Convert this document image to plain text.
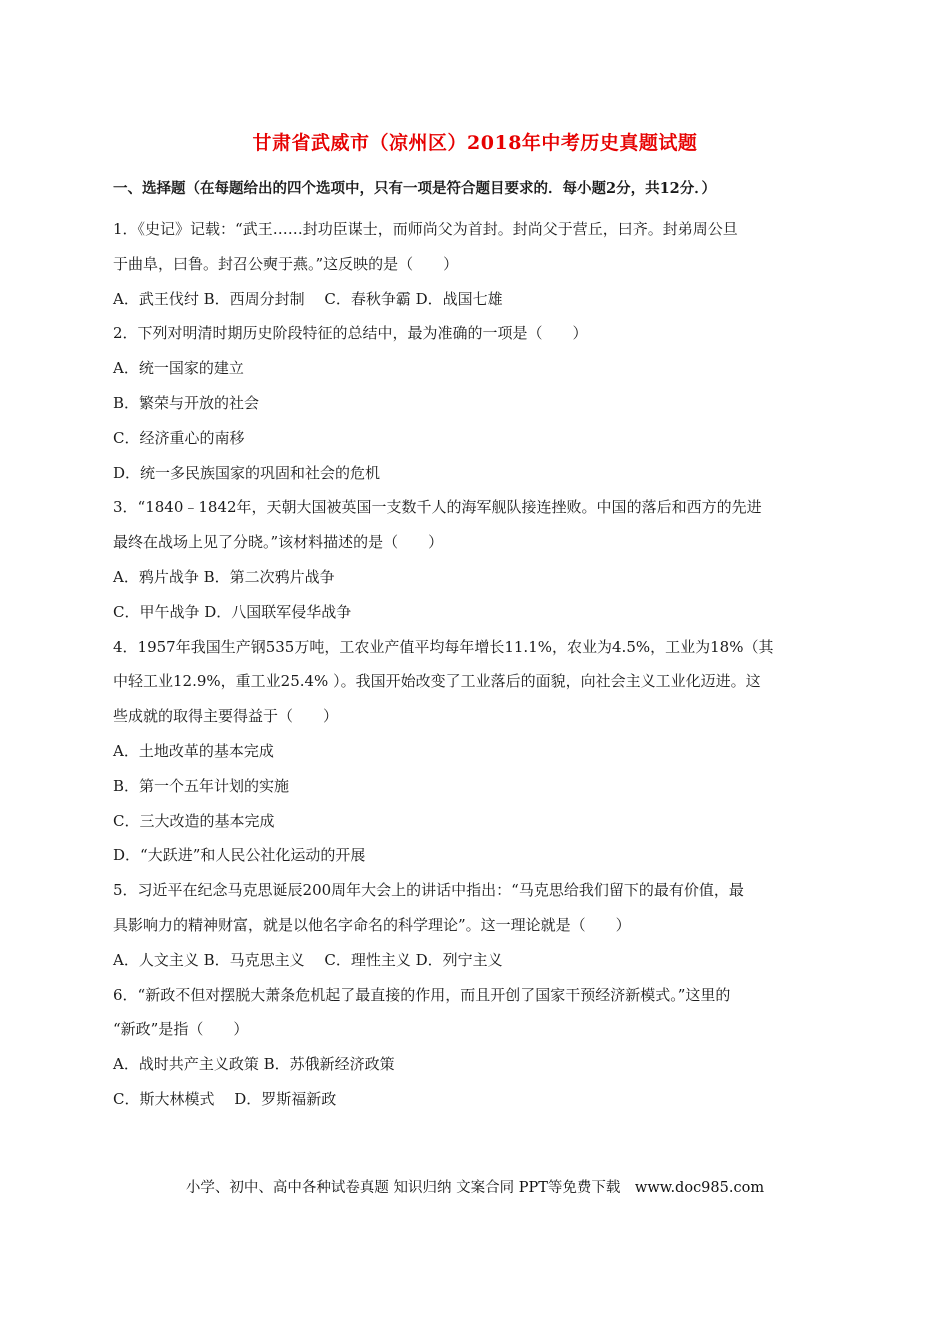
甘肃省武威市（凉州区）2018年中考历史真题试题
一、选择题（在每题给出的四个选项中，只有一项是符合题目要求的．每小题2分，共12分．）
1．《史记》记载：“武王……封功臣谋士，而师尚父为首封。封尚父于营丘，曰齐。封弟周公旦
于曲阜，曰鲁。封召公奭于燕。”这反映的是（　　）
A．武王伐纣 B．西周分封制　 C．春秋争霸 D．战国七雄
2．下列对明清时期历史阶段特征的总结中，最为准确的一项是（　　）
A．统一国家的建立
B．繁荣与开放的社会
C．经济重心的南移
D．统一多民族国家的巩固和社会的危机
3．“1840﹣1842年，天朝大国被英国一支数千人的海军舰队接连挫败。中国的落后和西方的先进
最终在战场上见了分晓。”该材料描述的是（　　）
A．鸦片战争 B．第二次鸦片战争
C．甲午战争 D．八国联军侵华战争
4．1957年我国生产钢535万吨，工农业产值平均每年增长11.1%，农业为4.5%，工业为18%（其
中轻工业12.9%，重工业25.4% ）。我国开始改变了工业落后的面貌，向社会主义工业化迈进。这
些成就的取得主要得益于（　　）
A．土地改革的基本完成
B．第一个五年计划的实施
C．三大改造的基本完成
D．“大跃进”和人民公社化运动的开展
5．习近平在纪念马克思诞辰200周年大会上的讲话中指出：“马克思给我们留下的最有价值，最
具影响力的精神财富，就是以他名字命名的科学理论”。这一理论就是（　　）
A．人文主义 B．马克思主义　 C．理性主义 D．列宁主义
6．“新政不但对摆脱大萧条危机起了最直接的作用，而且开创了国家干预经济新模式。”这里的
“新政”是指（　　）
A．战时共产主义政策 B．苏俄新经济政策
C．斯大林模式　 D．罗斯福新政
小学、初中、高中各种试卷真题 知识归纳 文案合同 PPT等免费下载　www.doc985.com
